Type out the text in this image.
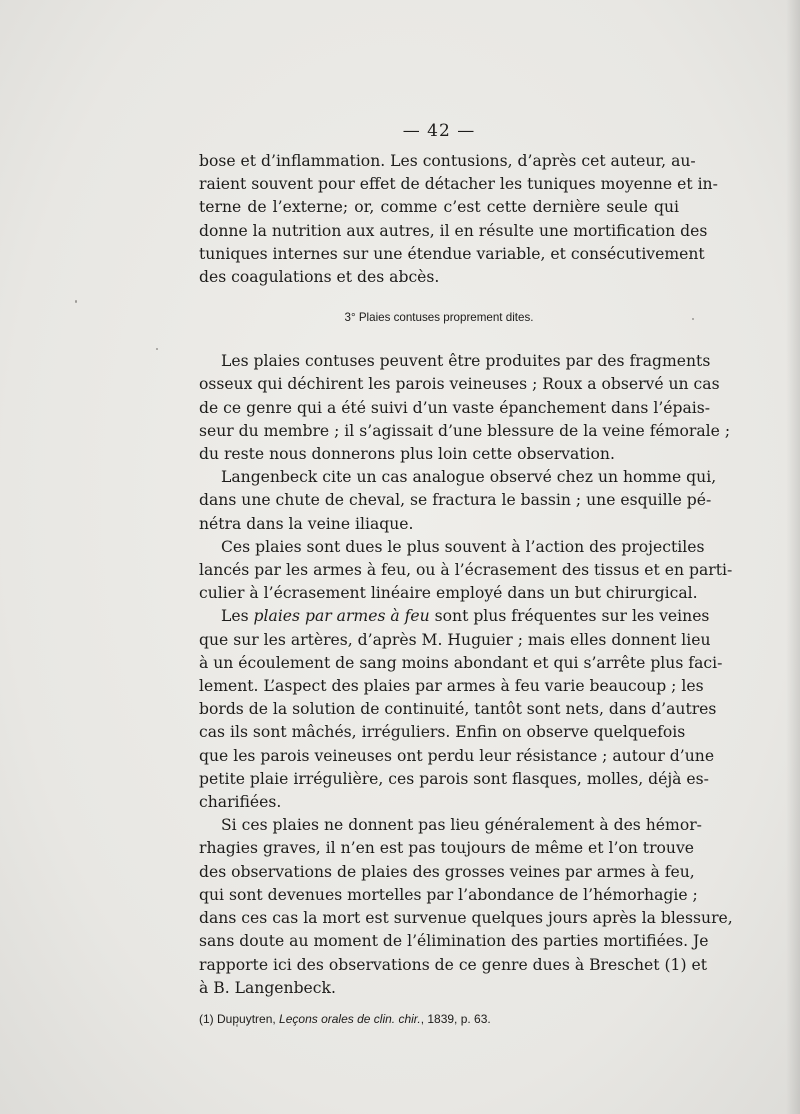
— 42 —

bose et d’inflammation. Les contusions, d’après cet auteur, au-
raient souvent pour effet de détacher les tuniques moyenne et in-
terne de l’externe; or, comme c’est cette dernière seule qui
donne la nutrition aux autres, il en résulte une mortification des
tuniques internes sur une étendue variable, et consécutivement
des coagulations et des abcès.

3° Plaies contuses proprement dites.

Les plaies contuses peuvent être produites par des fragments
osseux qui déchirent les parois veineuses ; Roux a observé un cas
de ce genre qui a été suivi d’un vaste épanchement dans l’épais-
seur du membre ; il s’agissait d’une blessure de la veine fémorale ;
du reste nous donnerons plus loin cette observation.

Langenbeck cite un cas analogue observé chez un homme qui,
dans une chute de cheval, se fractura le bassin ; une esquille pé-
nétra dans la veine iliaque.

Ces plaies sont dues le plus souvent à l’action des projectiles
lancés par les armes à feu, ou à l’écrasement des tissus et en parti-
culier à l’écrasement linéaire employé dans un but chirurgical.

Les plaies par armes à feu sont plus fréquentes sur les veines
que sur les artères, d’après M. Huguier ; mais elles donnent lieu
à un écoulement de sang moins abondant et qui s’arrête plus faci-
lement. L’aspect des plaies par armes à feu varie beaucoup ; les
bords de la solution de continuité, tantôt sont nets, dans d’autres
cas ils sont mâchés, irréguliers. Enfin on observe quelquefois
que les parois veineuses ont perdu leur résistance ; autour d’une
petite plaie irrégulière, ces parois sont flasques, molles, déjà es-
charifiées.

Si ces plaies ne donnent pas lieu généralement à des hémor-
rhagies graves, il n’en est pas toujours de même et l’on trouve
des observations de plaies des grosses veines par armes à feu,
qui sont devenues mortelles par l’abondance de l’hémorhagie ;
dans ces cas la mort est survenue quelques jours après la blessure,
sans doute au moment de l’élimination des parties mortifiées. Je
rapporte ici des observations de ce genre dues à Breschet (1) et
à B. Langenbeck.

(1) Dupuytren, Leçons orales de clin. chir., 1839, p. 63.
